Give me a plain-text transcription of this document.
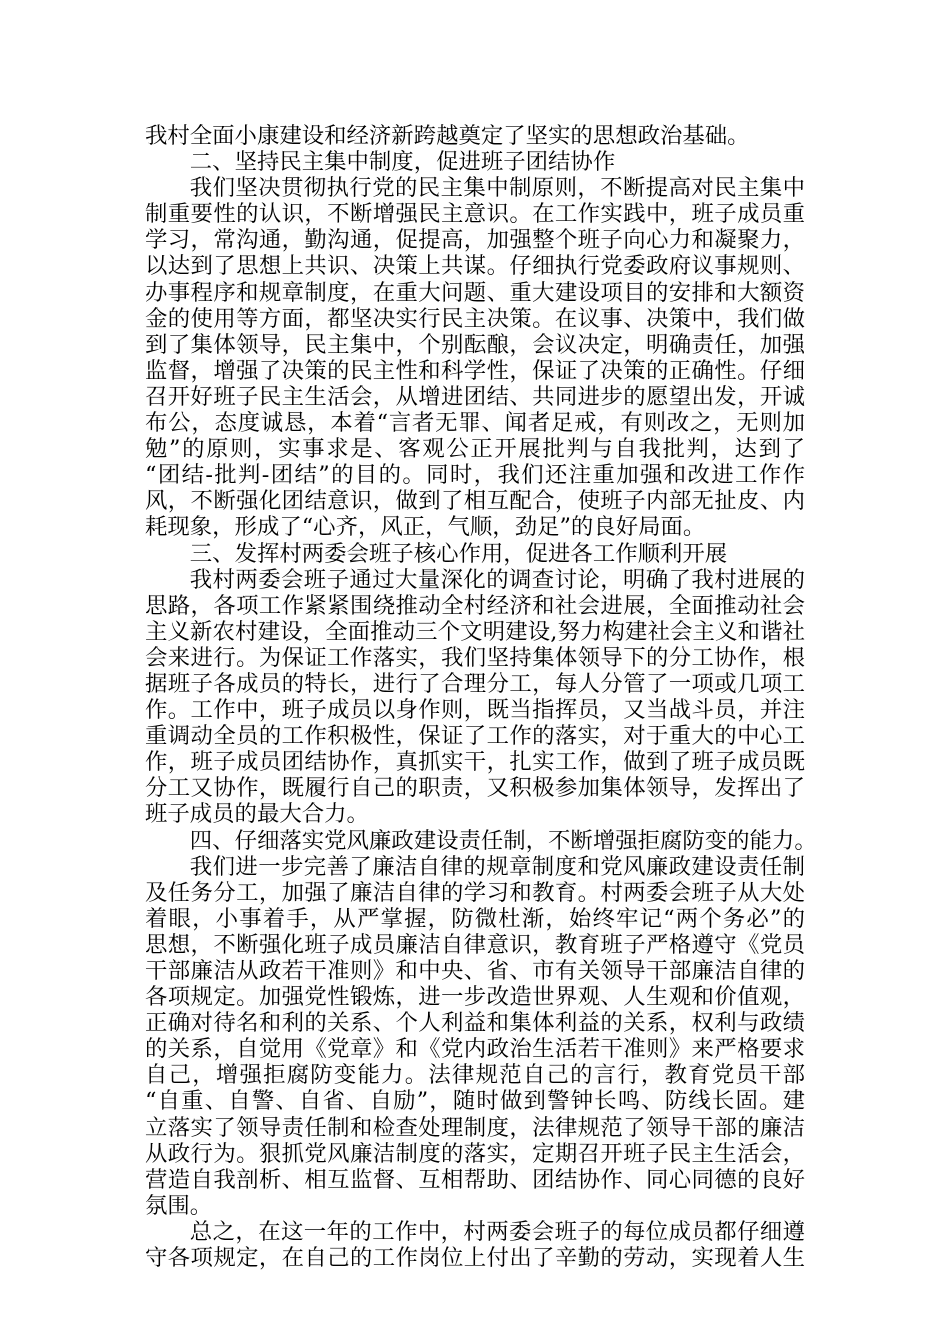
我村全面小康建设和经济新跨越奠定了坚实的思想政治基础。
二、坚持民主集中制度，促进班子团结协作
我们坚决贯彻执行党的民主集中制原则，不断提高对民主集中
制重要性的认识，不断增强民主意识。在工作实践中，班子成员重
学习，常沟通，勤沟通，促提高，加强整个班子向心力和凝聚力，
以达到了思想上共识、决策上共谋。仔细执行党委政府议事规则、
办事程序和规章制度，在重大问题、重大建设项目的安排和大额资
金的使用等方面，都坚决实行民主决策。在议事、决策中，我们做
到了集体领导，民主集中，个别酝酿，会议决定，明确责任，加强
监督，增强了决策的民主性和科学性，保证了决策的正确性。仔细
召开好班子民主生活会，从增进团结、共同进步的愿望出发，开诚
布公，态度诚恳，本着“言者无罪、闻者足戒，有则改之，无则加
勉”的原则，实事求是、客观公正开展批判与自我批判，达到了
“团结-批判-团结”的目的。同时，我们还注重加强和改进工作作
风，不断强化团结意识，做到了相互配合，使班子内部无扯皮、内
耗现象，形成了“心齐，风正，气顺，劲足”的良好局面。
三、发挥村两委会班子核心作用，促进各工作顺利开展
我村两委会班子通过大量深化的调查讨论，明确了我村进展的
思路，各项工作紧紧围绕推动全村经济和社会进展，全面推动社会
主义新农村建设，全面推动三个文明建设,努力构建社会主义和谐社
会来进行。为保证工作落实，我们坚持集体领导下的分工协作，根
据班子各成员的特长，进行了合理分工，每人分管了一项或几项工
作。工作中，班子成员以身作则，既当指挥员，又当战斗员，并注
重调动全员的工作积极性，保证了工作的落实，对于重大的中心工
作，班子成员团结协作，真抓实干，扎实工作，做到了班子成员既
分工又协作，既履行自己的职责，又积极参加集体领导，发挥出了
班子成员的最大合力。
四、仔细落实党风廉政建设责任制，不断增强拒腐防变的能力。
我们进一步完善了廉洁自律的规章制度和党风廉政建设责任制
及任务分工，加强了廉洁自律的学习和教育。村两委会班子从大处
着眼，小事着手，从严掌握，防微杜渐，始终牢记“两个务必”的
思想，不断强化班子成员廉洁自律意识，教育班子严格遵守《党员
干部廉洁从政若干准则》和中央、省、市有关领导干部廉洁自律的
各项规定。加强党性锻炼，进一步改造世界观、人生观和价值观，
正确对待名和利的关系、个人利益和集体利益的关系，权利与政绩
的关系，自觉用《党章》和《党内政治生活若干准则》来严格要求
自己，增强拒腐防变能力。法律规范自己的言行，教育党员干部
“自重、自警、自省、自励”，随时做到警钟长鸣、防线长固。建
立落实了领导责任制和检查处理制度，法律规范了领导干部的廉洁
从政行为。狠抓党风廉洁制度的落实，定期召开班子民主生活会，
营造自我剖析、相互监督、互相帮助、团结协作、同心同德的良好
氛围。
总之，在这一年的工作中，村两委会班子的每位成员都仔细遵
守各项规定，在自己的工作岗位上付出了辛勤的劳动，实现着人生
